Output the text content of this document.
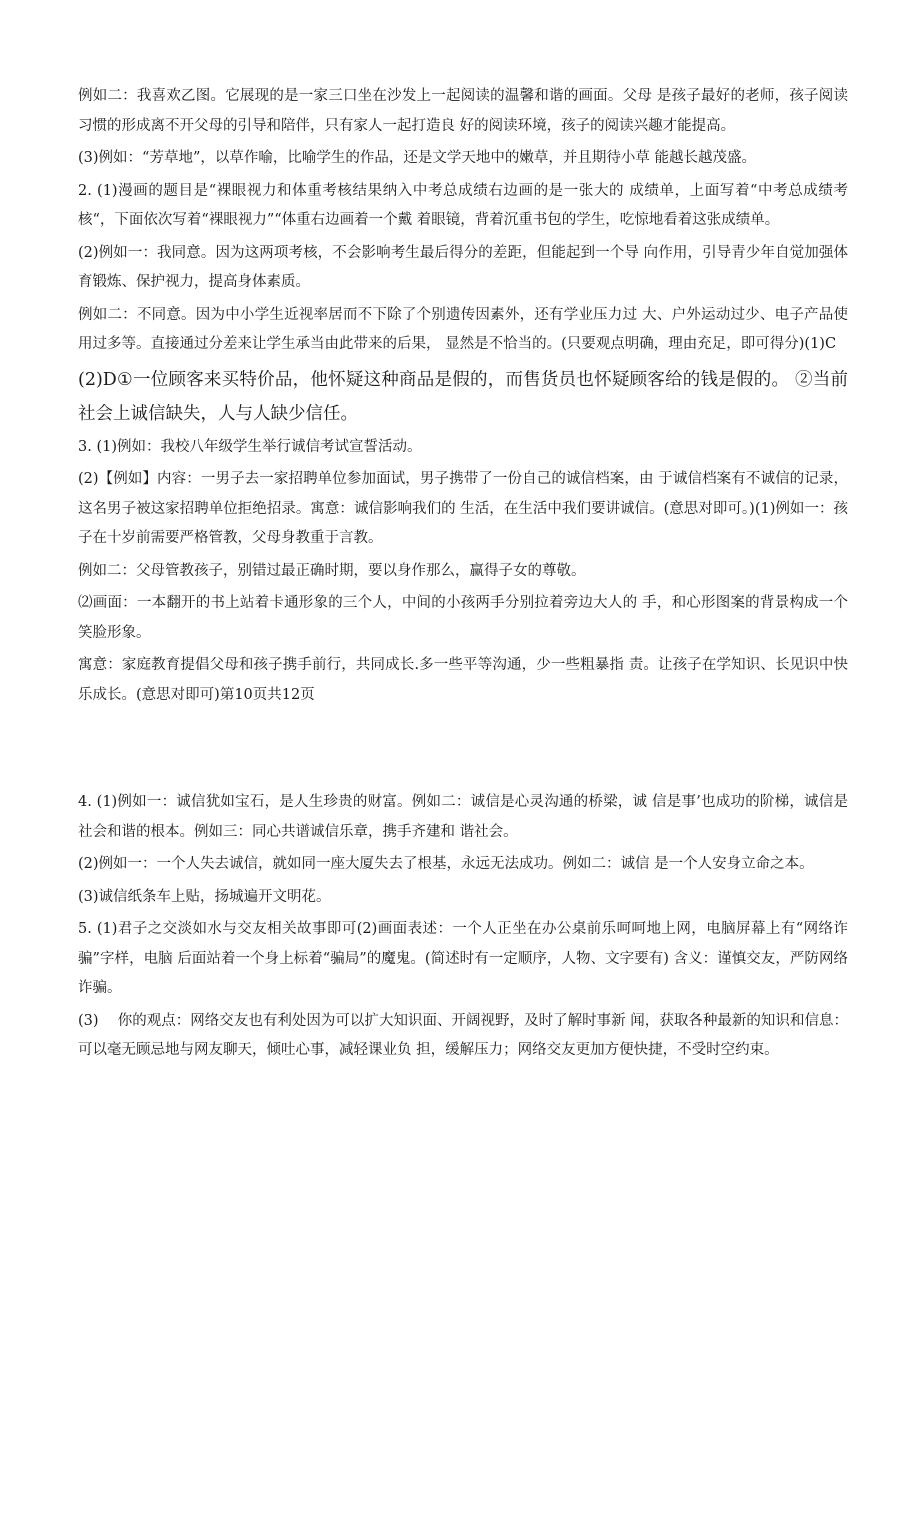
例如二：我喜欢乙图。它展现的是一家三口坐在沙发上一起阅读的温馨和谐的画面。父母 是孩子最好的老师，孩子阅读习惯的形成离不开父母的引导和陪伴，只有家人一起打造良 好的阅读环境，孩子的阅读兴趣才能提高。

(3)例如：“芳草地”，以草作喻，比喻学生的作品，还是文学天地中的嫩草，并且期待小草 能越长越茂盛。

2. (1)漫画的题目是“裸眼视力和体重考核结果纳入中考总成绩右边画的是一张大的 成绩单，上面写着“中考总成绩考核“，下面依次写着“裸眼视力”“体重右边画着一个戴 着眼镜，背着沉重书包的学生，吃惊地看着这张成绩单。

(2)例如一：我同意。因为这两项考核，不会影响考生最后得分的差距，但能起到一个导 向作用，引导青少年自觉加强体育锻炼、保护视力，提高身体素质。

例如二：不同意。因为中小学生近视率居而不下除了个别遗传因素外，还有学业压力过 大、户外运动过少、电子产品使用过多等。直接通过分差来让学生承当由此带来的后果， 显然是不恰当的。(只要观点明确，理由充足，即可得分)(1)C

(2)D①一位顾客来买特价品，他怀疑这种商品是假的，而售货员也怀疑顾客给的钱是假的。 ②当前社会上诚信缺失，人与人缺少信任。

3. (1)例如：我校八年级学生举行诚信考试宣誓活动。

(2)【例如】内容：一男子去一家招聘单位参加面试，男子携带了一份自己的诚信档案，由 于诚信档案有不诚信的记录，这名男子被这家招聘单位拒绝招录。寓意：诚信影响我们的 生活，在生活中我们要讲诚信。(意思对即可。)(1)例如一：孩子在十岁前需要严格管教，父母身教重于言教。

例如二：父母管教孩子，别错过最正确时期，要以身作那么，赢得子女的尊敬。

⑵画面：一本翻开的书上站着卡通形象的三个人，中间的小孩两手分别拉着旁边大人的 手，和心形图案的背景构成一个笑脸形象。

寓意：家庭教育提倡父母和孩子携手前行，共同成长.多一些平等沟通，少一些粗暴指 责。让孩子在学知识、长见识中快乐成长。(意思对即可)第10页共12页

4. (1)例如一：诚信犹如宝石，是人生珍贵的财富。例如二：诚信是心灵沟通的桥梁，诚 信是事’也成功的阶梯，诚信是社会和谐的根本。例如三：同心共谱诚信乐章，携手齐建和 谐社会。

(2)例如一：一个人失去诚信，就如同一座大厦失去了根基，永远无法成功。例如二：诚信 是一个人安身立命之本。

(3)诚信纸条车上贴，扬城遍开文明花。

5. (1)君子之交淡如水与交友相关故事即可(2)画面表述：一个人正坐在办公桌前乐呵呵地上网，电脑屏幕上有“网络诈骗”字样，电脑 后面站着一个身上标着“骗局”的魔鬼。(简述时有一定顺序，人物、文字要有) 含义：谨慎交友，严防网络诈骗。

(3)　 你的观点：网络交友也有利处因为可以扩大知识面、开阔视野，及时了解时事新 闻，获取各种最新的知识和信息：可以毫无顾忌地与网友聊天，倾吐心事，减轻课业负 担，缓解压力；网络交友更加方便快捷，不受时空约束。
